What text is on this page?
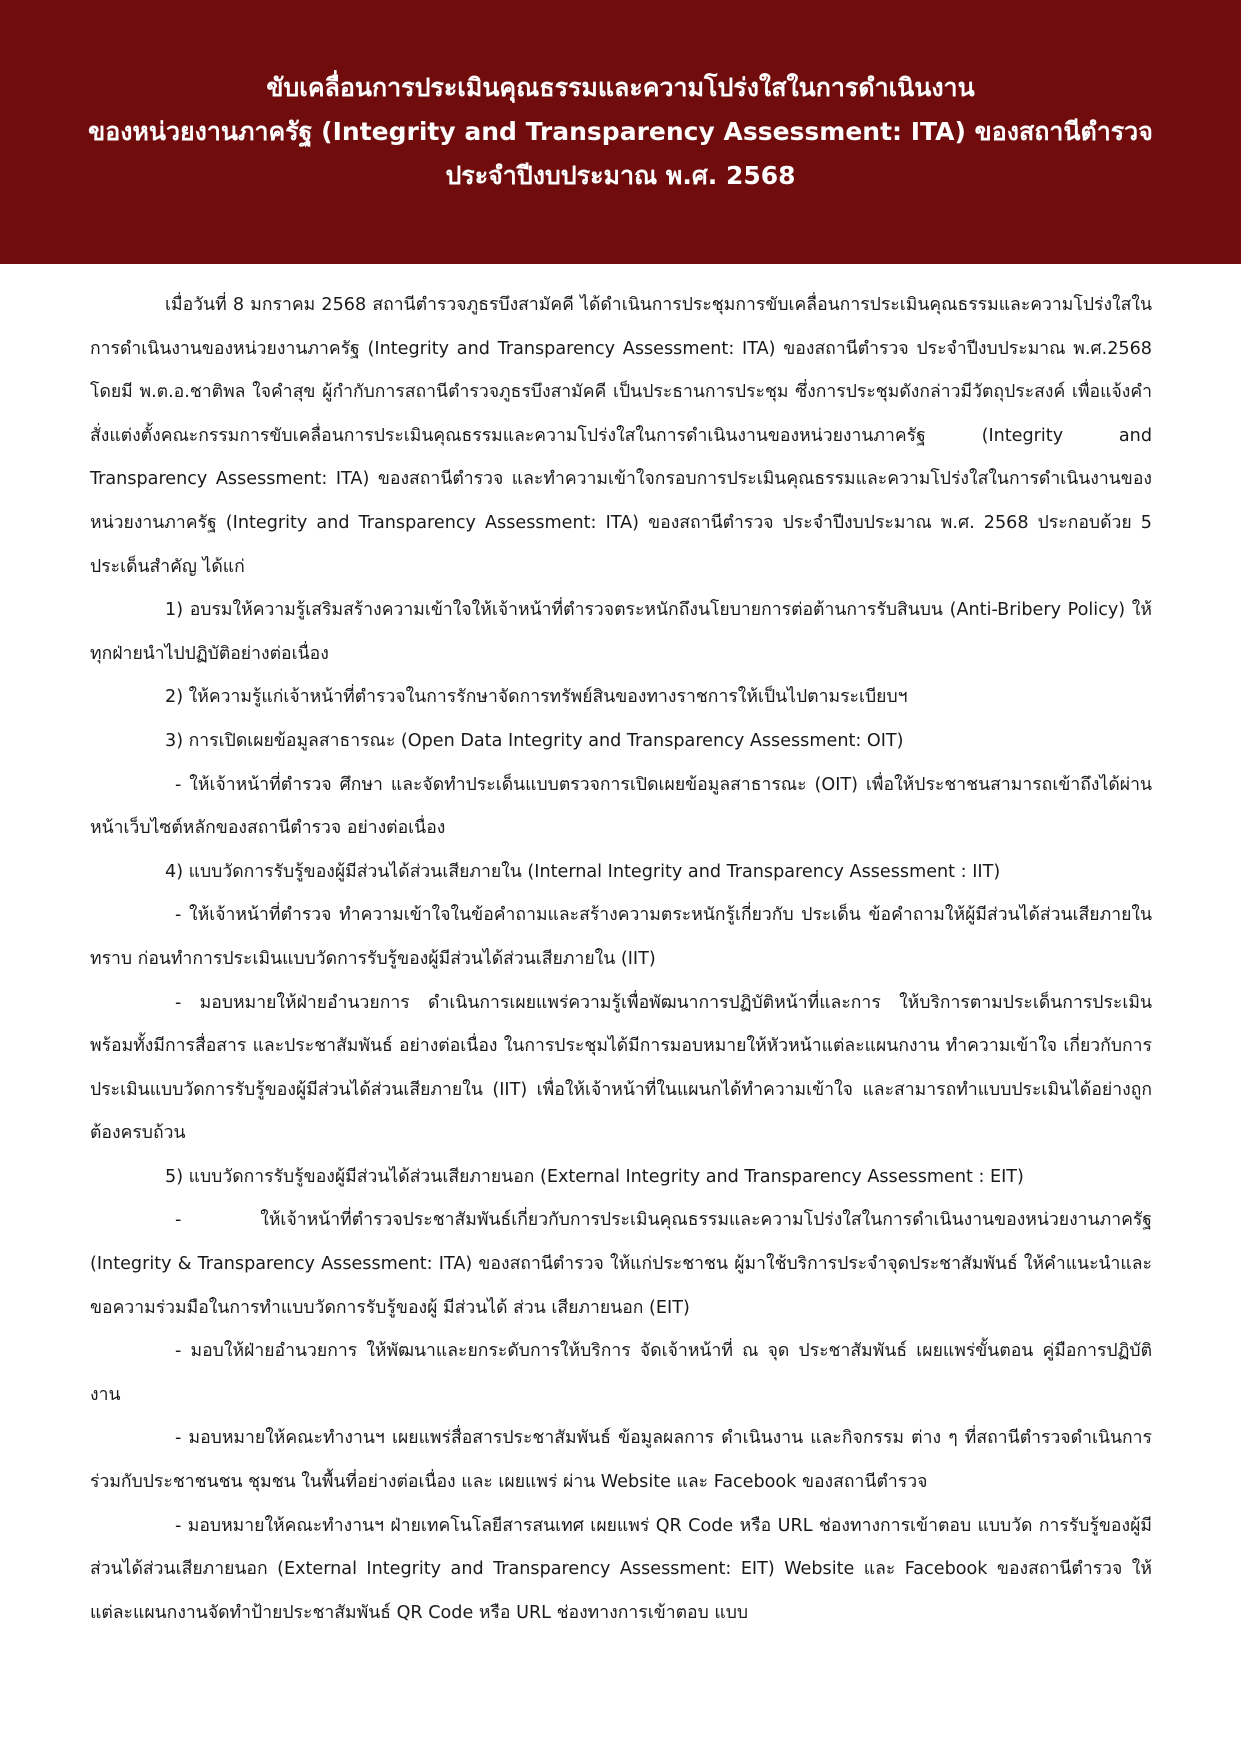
ขับเคลื่อนการประเมินคุณธรรมและความโปร่งใสในการดำเนินงาน
ของหน่วยงานภาครัฐ (Integrity and Transparency Assessment: ITA) ของสถานีตำรวจ
ประจำปีงบประมาณ พ.ศ. 2568

เมื่อวันที่ 8 มกราคม 2568 สถานีตำรวจภูธรบึงสามัคคี ได้ดำเนินการประชุมการขับเคลื่อนการประเมินคุณธรรมและความโปร่งใสในการดำเนินงานของหน่วยงานภาครัฐ (Integrity and Transparency Assessment: ITA) ของสถานีตำรวจ ประจำปีงบประมาณ พ.ศ.2568 โดยมี พ.ต.อ.ชาติพล ใจคำสุข ผู้กำกับการสถานีตำรวจภูธรบึงสามัคคี เป็นประธานการประชุม ซึ่งการประชุมดังกล่าวมีวัตถุประสงค์ เพื่อแจ้งคำสั่งแต่งตั้งคณะกรรมการขับเคลื่อนการประเมินคุณธรรมและความโปร่งใสในการดำเนินงานของหน่วยงานภาครัฐ (Integrity and Transparency Assessment: ITA) ของสถานีตำรวจ และทำความเข้าใจกรอบการประเมินคุณธรรมและความโปร่งใสในการดำเนินงานของหน่วยงานภาครัฐ (Integrity and Transparency Assessment: ITA) ของสถานีตำรวจ ประจำปีงบประมาณ พ.ศ. 2568 ประกอบด้วย 5 ประเด็นสำคัญ ได้แก่

1) อบรมให้ความรู้เสริมสร้างความเข้าใจให้เจ้าหน้าที่ตำรวจตระหนักถึงนโยบายการต่อต้านการรับสินบน (Anti-Bribery Policy) ให้ทุกฝ่ายนำไปปฏิบัติอย่างต่อเนื่อง

2) ให้ความรู้แก่เจ้าหน้าที่ตำรวจในการรักษาจัดการทรัพย์สินของทางราชการให้เป็นไปตามระเบียบฯ

3) การเปิดเผยข้อมูลสาธารณะ (Open Data Integrity and Transparency Assessment: OIT)

- ให้เจ้าหน้าที่ตำรวจ ศึกษา และจัดทำประเด็นแบบตรวจการเปิดเผยข้อมูลสาธารณะ (OIT) เพื่อให้ประชาชนสามารถเข้าถึงได้ผ่านหน้าเว็บไซต์หลักของสถานีตำรวจ อย่างต่อเนื่อง

4) แบบวัดการรับรู้ของผู้มีส่วนได้ส่วนเสียภายใน (Internal Integrity and Transparency Assessment : IIT)

- ให้เจ้าหน้าที่ตำรวจ ทำความเข้าใจในข้อคำถามและสร้างความตระหนักรู้เกี่ยวกับ ประเด็น ข้อคำถามให้ผู้มีส่วนได้ส่วนเสียภายในทราบ ก่อนทำการประเมินแบบวัดการรับรู้ของผู้มีส่วนได้ส่วนเสียภายใน (IIT)

- มอบหมายให้ฝ่ายอำนวยการ ดำเนินการเผยแพร่ความรู้เพื่อพัฒนาการปฏิบัติหน้าที่และการ ให้บริการตามประเด็นการประเมิน พร้อมทั้งมีการสื่อสาร และประชาสัมพันธ์ อย่างต่อเนื่อง ในการประชุมได้มีการมอบหมายให้หัวหน้าแต่ละแผนกงาน ทำความเข้าใจ เกี่ยวกับการประเมินแบบวัดการรับรู้ของผู้มีส่วนได้ส่วนเสียภายใน (IIT) เพื่อให้เจ้าหน้าที่ในแผนกได้ทำความเข้าใจ และสามารถทำแบบประเมินได้อย่างถูกต้องครบถ้วน

5) แบบวัดการรับรู้ของผู้มีส่วนได้ส่วนเสียภายนอก (External Integrity and Transparency Assessment : EIT)

- ให้เจ้าหน้าที่ตำรวจประชาสัมพันธ์เกี่ยวกับการประเมินคุณธรรมและความโปร่งใสในการดำเนินงานของหน่วยงานภาครัฐ (Integrity & Transparency Assessment: ITA) ของสถานีตำรวจ ให้แก่ประชาชน ผู้มาใช้บริการประจำจุดประชาสัมพันธ์ ให้คำแนะนำและขอความร่วมมือในการทำแบบวัดการรับรู้ของผู้ มีส่วนได้ ส่วน เสียภายนอก (EIT)

- มอบให้ฝ่ายอำนวยการ ให้พัฒนาและยกระดับการให้บริการ จัดเจ้าหน้าที่ ณ จุด ประชาสัมพันธ์ เผยแพร่ขั้นตอน คู่มือการปฏิบัติงาน

- มอบหมายให้คณะทำงานฯ เผยแพร่สื่อสารประชาสัมพันธ์ ข้อมูลผลการ ดำเนินงาน และกิจกรรม ต่าง ๆ ที่สถานีตำรวจดำเนินการร่วมกับประชาชนชน ชุมชน ในพื้นที่อย่างต่อเนื่อง และ เผยแพร่ ผ่าน Website และ Facebook ของสถานีตำรวจ

- มอบหมายให้คณะทำงานฯ ฝ่ายเทคโนโลยีสารสนเทศ เผยแพร่ QR Code หรือ URL ช่องทางการเข้าตอบ แบบวัด การรับรู้ของผู้มีส่วนได้ส่วนเสียภายนอก (External Integrity and Transparency Assessment: EIT) Website และ Facebook ของสถานีตำรวจ ให้แต่ละแผนกงานจัดทำป้ายประชาสัมพันธ์ QR Code หรือ URL ช่องทางการเข้าตอบ แบบ
